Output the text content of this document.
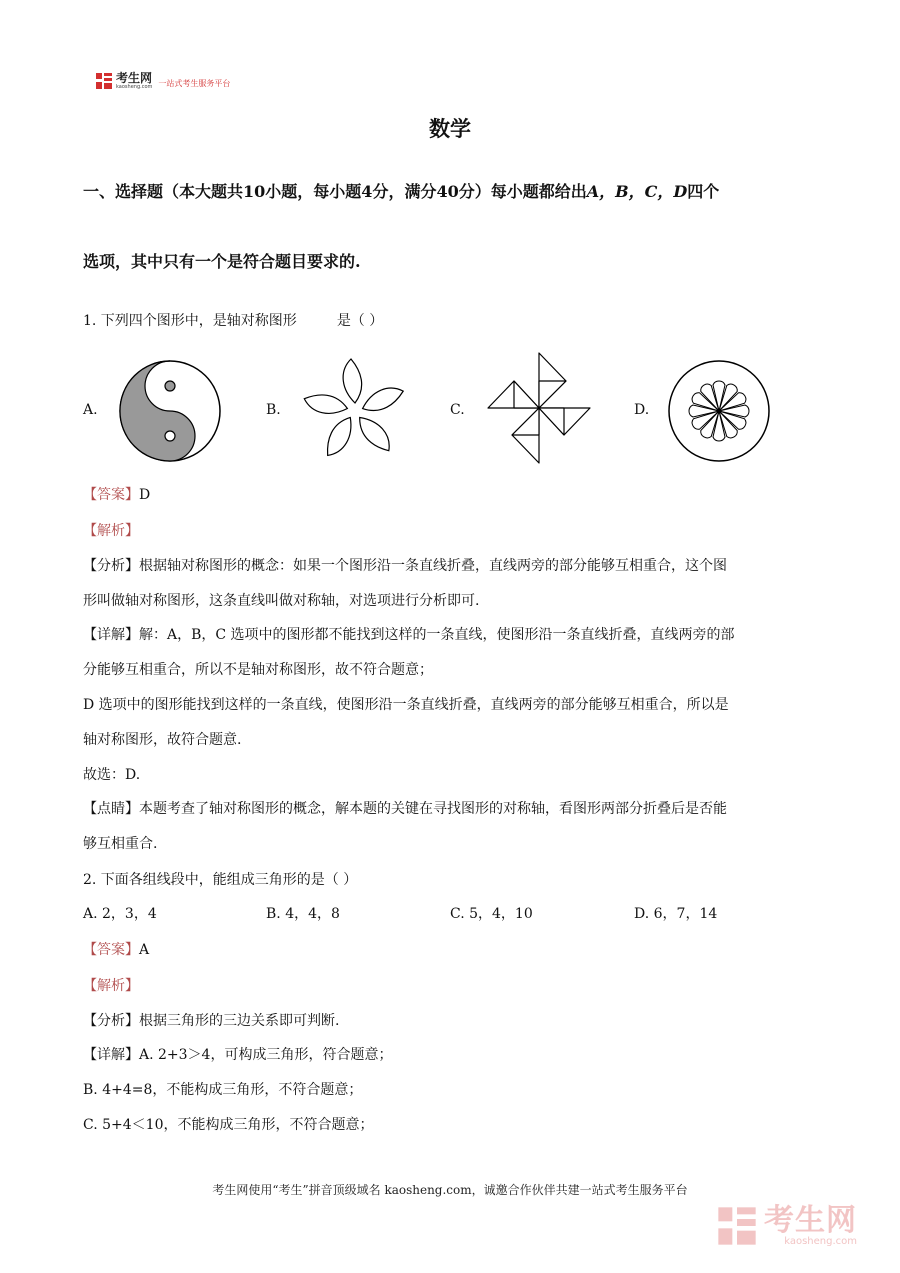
考生网
kaosheng.com 一站式考生服务平台
数学
一、选择题（本大题共10小题，每小题4分，满分40分）每小题都给出A，B，C，D四个
选项，其中只有一个是符合题目要求的.
1. 下列四个图形中，是轴对称图形	是（ ）
A.	B.	C.	D.
【答案】D
【解析】
【分析】根据轴对称图形的概念：如果一个图形沿一条直线折叠，直线两旁的部分能够互相重合，这个图
形叫做轴对称图形，这条直线叫做对称轴，对选项进行分析即可.
【详解】解：A，B，C 选项中的图形都不能找到这样的一条直线，使图形沿一条直线折叠，直线两旁的部
分能够互相重合，所以不是轴对称图形，故不符合题意；
D 选项中的图形能找到这样的一条直线，使图形沿一条直线折叠，直线两旁的部分能够互相重合，所以是
轴对称图形，故符合题意.
故选：D.
【点睛】本题考查了轴对称图形的概念，解本题的关键在寻找图形的对称轴，看图形两部分折叠后是否能
够互相重合.
2. 下面各组线段中，能组成三角形的是（ ）
A. 2，3，4	B. 4，4，8	C. 5，4，10	D. 6，7，14
【答案】A
【解析】
【分析】根据三角形的三边关系即可判断.
【详解】A. 2+3＞4，可构成三角形，符合题意；
B. 4+4=8，不能构成三角形，不符合题意；
C. 5+4＜10，不能构成三角形，不符合题意；
考生网使用“考生”拼音顶级域名 kaosheng.com，诚邀合作伙伴共建一站式考生服务平台
考生网
kaosheng.com
